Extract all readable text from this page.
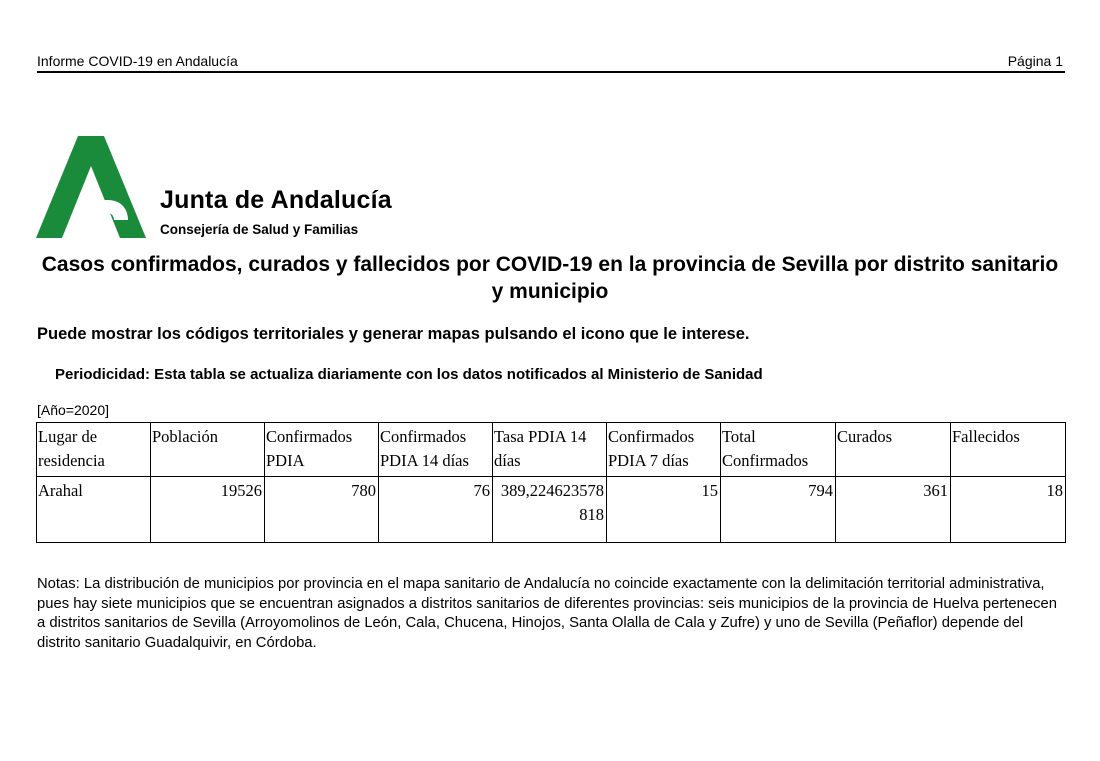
Informe COVID-19 en Andalucía	Página 1
Junta de Andalucía
Consejería de Salud y Familias
Casos confirmados, curados y fallecidos por COVID-19 en la provincia de Sevilla por distrito sanitario y municipio
Puede mostrar los códigos territoriales y generar mapas pulsando el icono que le interese.
Periodicidad: Esta tabla se actualiza diariamente con los datos notificados al Ministerio de Sanidad
[Año=2020]
Lugar de residencia	Población	Confirmados PDIA	Confirmados PDIA 14 días	Tasa PDIA 14 días	Confirmados PDIA 7 días	Total Confirmados	Curados	Fallecidos
Arahal	19526	780	76	389,224623578818	15	794	361	18
Notas: La distribución de municipios por provincia en el mapa sanitario de Andalucía no coincide exactamente con la delimitación territorial administrativa, pues hay siete municipios que se encuentran asignados a distritos sanitarios de diferentes provincias: seis municipios de la provincia de Huelva pertenecen a distritos sanitarios de Sevilla (Arroyomolinos de León, Cala, Chucena, Hinojos, Santa Olalla de Cala y Zufre) y uno de Sevilla (Peñaflor) depende del distrito sanitario Guadalquivir, en Córdoba.
